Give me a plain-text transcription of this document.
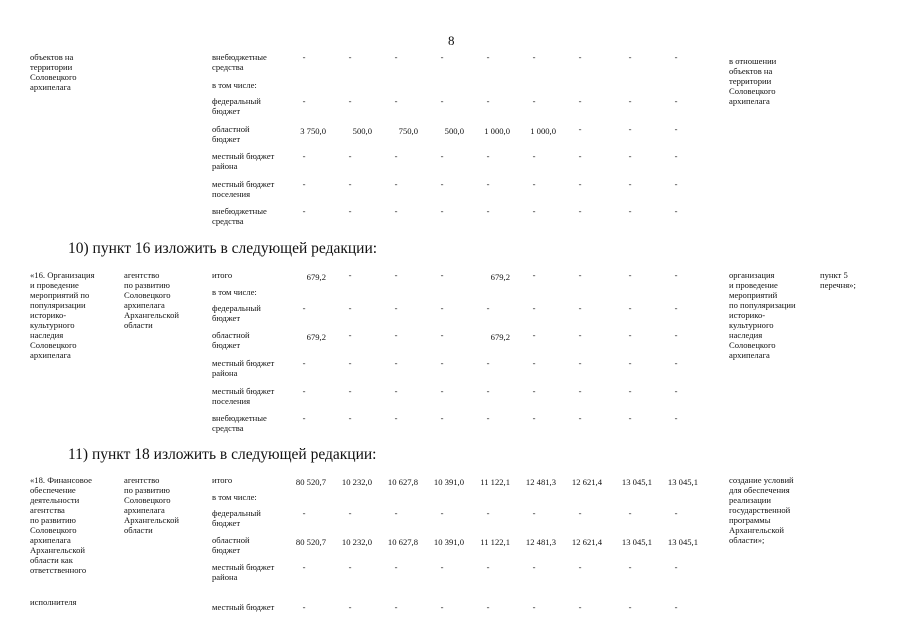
8
объектов на
территории
Соловецкого
архипелага
в отношении
объектов на
территории
Соловецкого
архипелага
внебюджетные
средства
-	-	-	-	-	-	-	-	-
в том числе:
федеральный
бюджет
-	-	-	-	-	-	-	-	-
областной
бюджет
3 750,0	500,0	750,0	500,0	1 000,0	1 000,0	-	-	-
местный бюджет
района
-	-	-	-	-	-	-	-	-
местный бюджет
поселения
-	-	-	-	-	-	-	-	-
внебюджетные
средства
-	-	-	-	-	-	-	-	-
10) пункт 16 изложить в следующей редакции:
«16. Организация
и проведение
мероприятий по
популяризации
историко-
культурного
наследия
Соловецкого
архипелага
агентство
по развитию
Соловецкого
архипелага
Архангельской
области
организация
и проведение
мероприятий
по популяризации
историко-
культурного
наследия
Соловецкого
архипелага
пункт 5
перечня»;
итого	679,2	-	-	-	679,2	-	-	-	-
в том числе:
федеральный
бюджет
-	-	-	-	-	-	-	-	-
областной
бюджет
679,2	-	-	-	679,2	-	-	-	-
местный бюджет
района
-	-	-	-	-	-	-	-	-
местный бюджет
поселения
-	-	-	-	-	-	-	-	-
внебюджетные
средства
-	-	-	-	-	-	-	-	-
11) пункт 18 изложить в следующей редакции:
«18. Финансовое
обеспечение
деятельности
агентства
по развитию
Соловецкого
архипелага
Архангельской
области как
ответственного
исполнителя
агентство
по развитию
Соловецкого
архипелага
Архангельской
области
создание условий
для обеспечения
реализации
государственной
программы
Архангельской
области»;
итого	80 520,7	10 232,0	10 627,8	10 391,0	11 122,1	12 481,3	12 621,4	13 045,1	13 045,1
в том числе:
федеральный
бюджет
-	-	-	-	-	-	-	-	-
областной
бюджет
80 520,7	10 232,0	10 627,8	10 391,0	11 122,1	12 481,3	12 621,4	13 045,1	13 045,1
местный бюджет
района
-	-	-	-	-	-	-	-	-
местный бюджет	-	-	-	-	-	-	-	-	-
